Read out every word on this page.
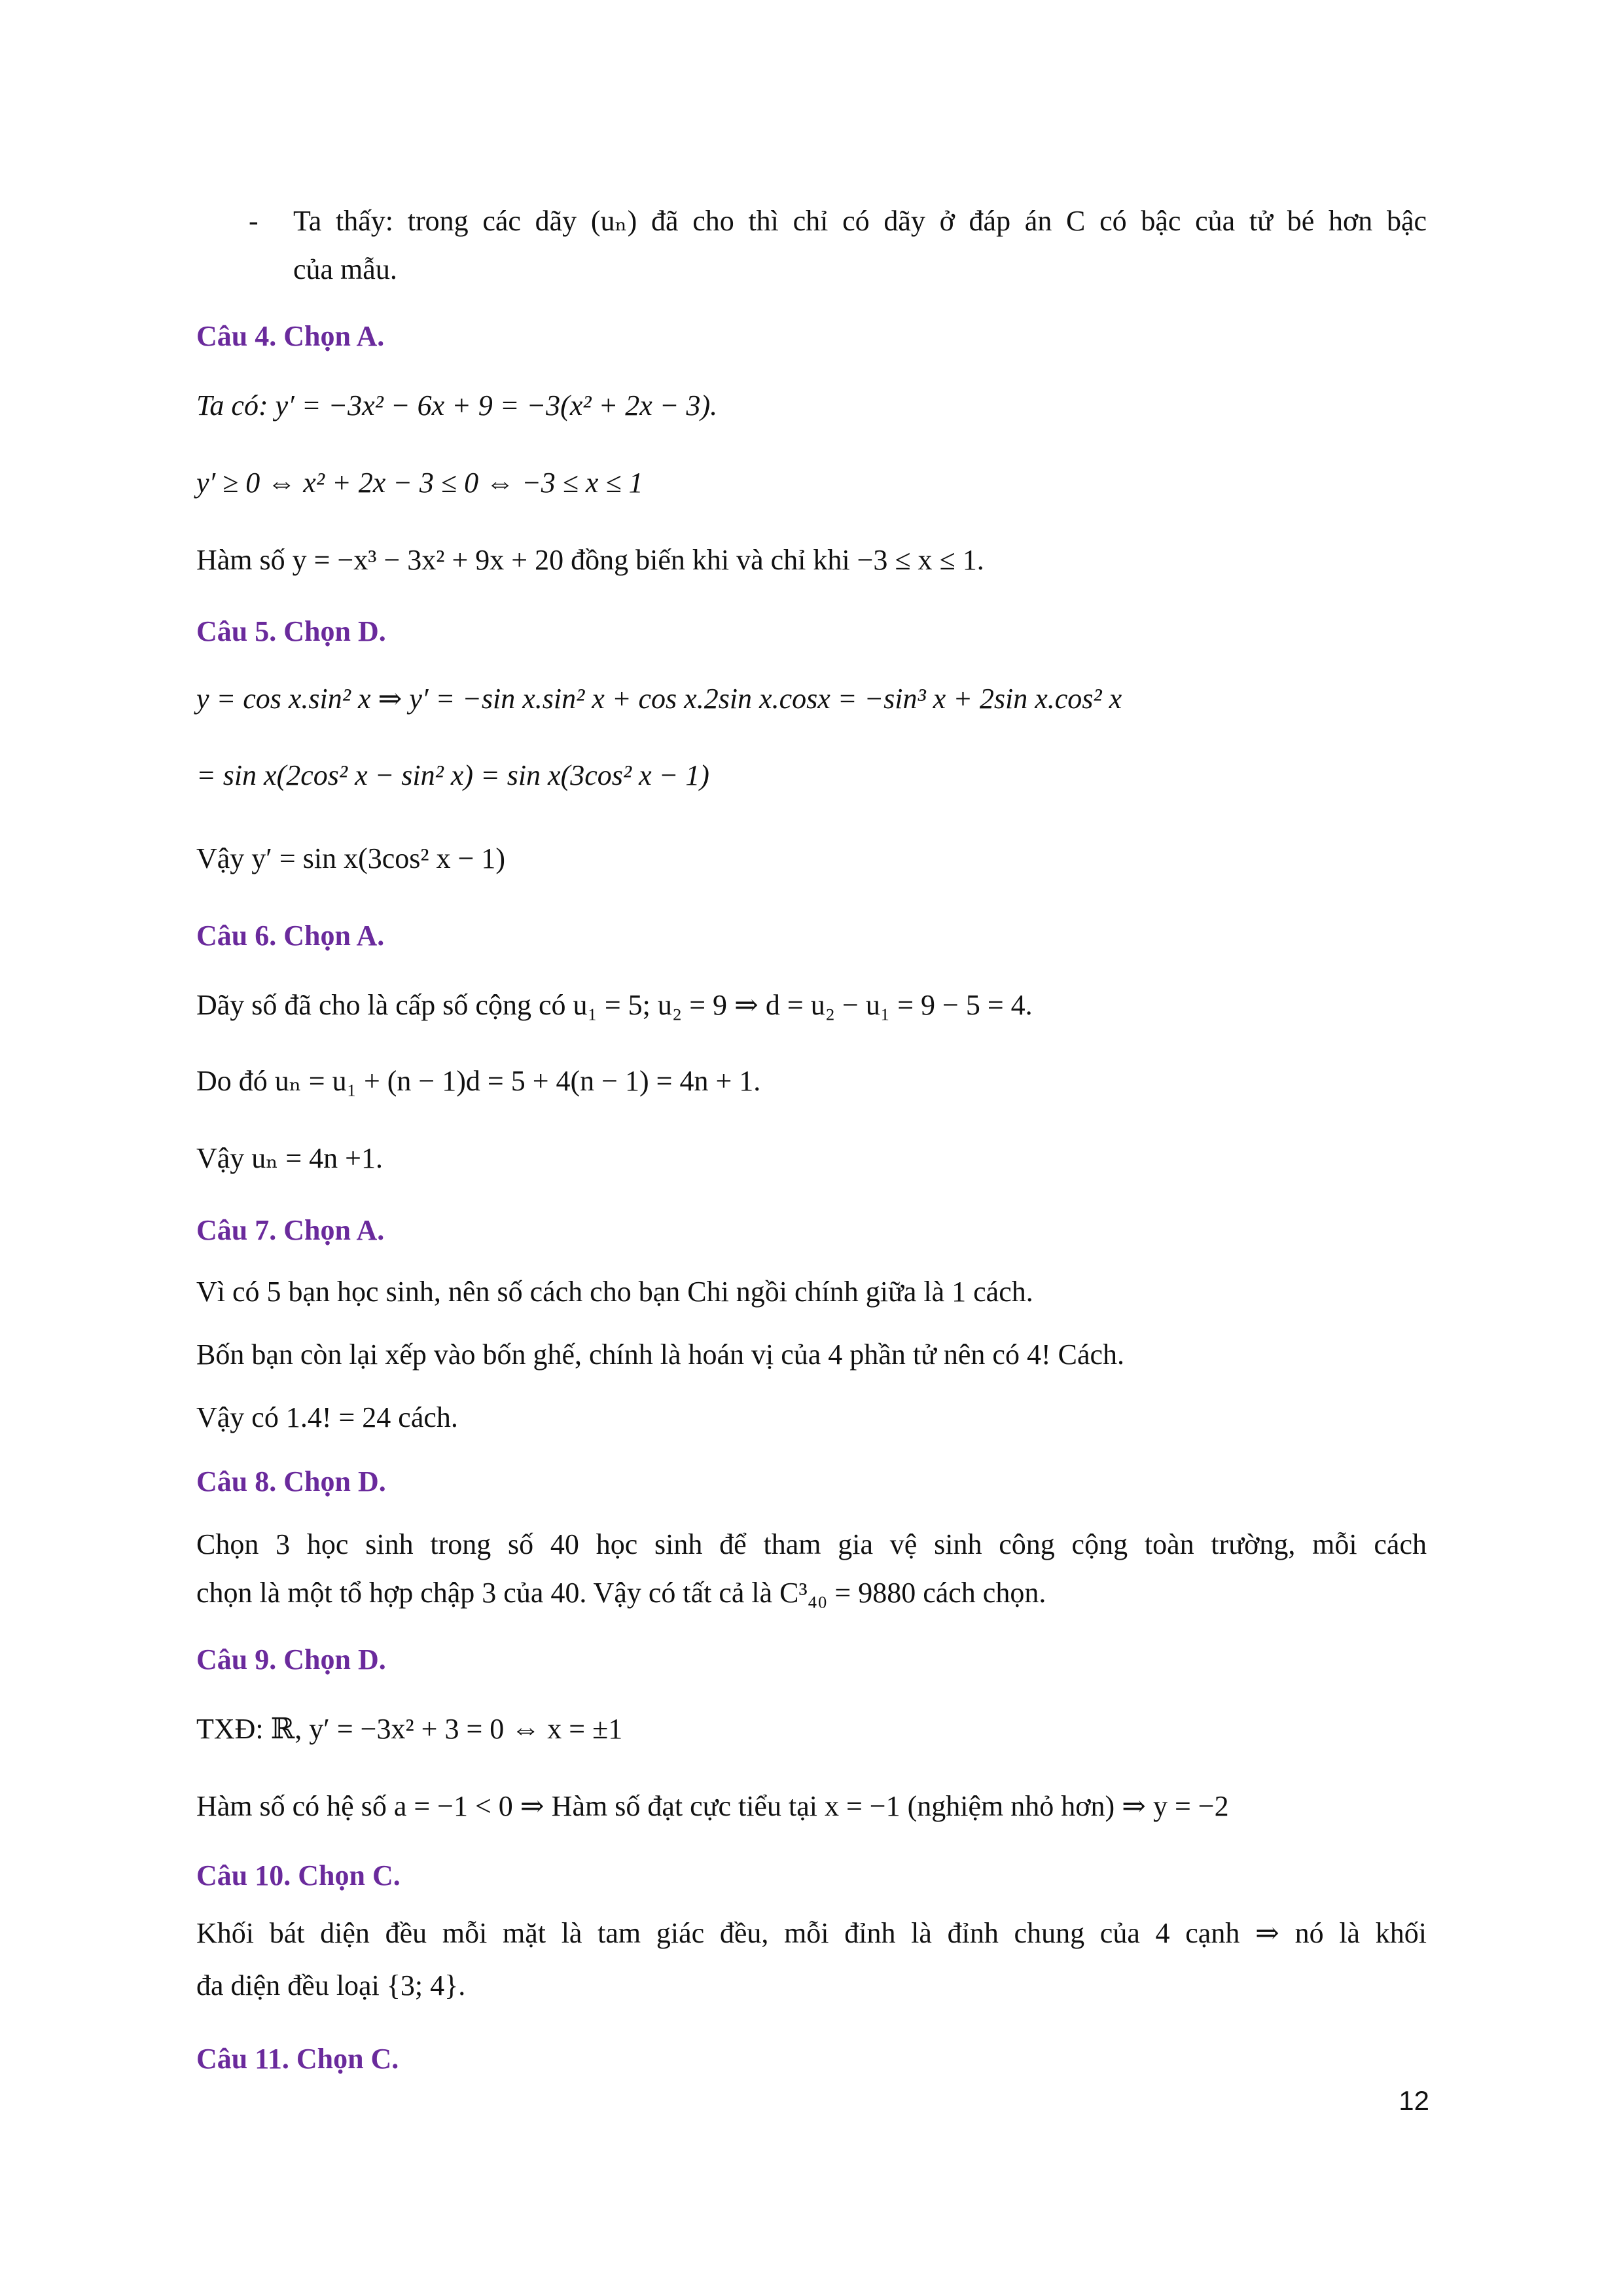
- Ta thấy: trong các dãy (uₙ) đã cho thì chỉ có dãy ở đáp án C có bậc của tử bé hơn bậc
của mẫu.
Câu 4. Chọn A.
Ta có: y′ = −3x² − 6x + 9 = −3(x² + 2x − 3).
y′ ≥ 0 ⇔ x² + 2x − 3 ≤ 0 ⇔ −3 ≤ x ≤ 1
Hàm số y = −x³ − 3x² + 9x + 20 đồng biến khi và chỉ khi −3 ≤ x ≤ 1.
Câu 5. Chọn D.
y = cos x.sin² x ⇒ y′ = −sin x.sin² x + cos x.2sin x.cosx = −sin³ x + 2sin x.cos² x
= sin x(2cos² x − sin² x) = sin x(3cos² x − 1)
Vậy y′ = sin x(3cos² x − 1)
Câu 6. Chọn A.
Dãy số đã cho là cấp số cộng có u₁ = 5; u₂ = 9 ⇒ d = u₂ − u₁ = 9 − 5 = 4.
Do đó uₙ = u₁ + (n − 1)d = 5 + 4(n − 1) = 4n + 1.
Vậy uₙ = 4n +1.
Câu 7. Chọn A.
Vì có 5 bạn học sinh, nên số cách cho bạn Chi ngồi chính giữa là 1 cách.
Bốn bạn còn lại xếp vào bốn ghế, chính là hoán vị của 4 phần tử nên có 4! Cách.
Vậy có 1.4! = 24 cách.
Câu 8. Chọn D.
Chọn 3 học sinh trong số 40 học sinh để tham gia vệ sinh công cộng toàn trường, mỗi cách
chọn là một tổ hợp chập 3 của 40. Vậy có tất cả là C³₄₀ = 9880 cách chọn.
Câu 9. Chọn D.
TXĐ: ℝ, y′ = −3x² + 3 = 0 ⇔ x = ±1
Hàm số có hệ số a = −1 < 0 ⇒ Hàm số đạt cực tiểu tại x = −1 (nghiệm nhỏ hơn) ⇒ y = −2
Câu 10. Chọn C.
Khối bát diện đều mỗi mặt là tam giác đều, mỗi đỉnh là đỉnh chung của 4 cạnh ⇒ nó là khối
đa diện đều loại {3; 4}.
Câu 11. Chọn C.
12
